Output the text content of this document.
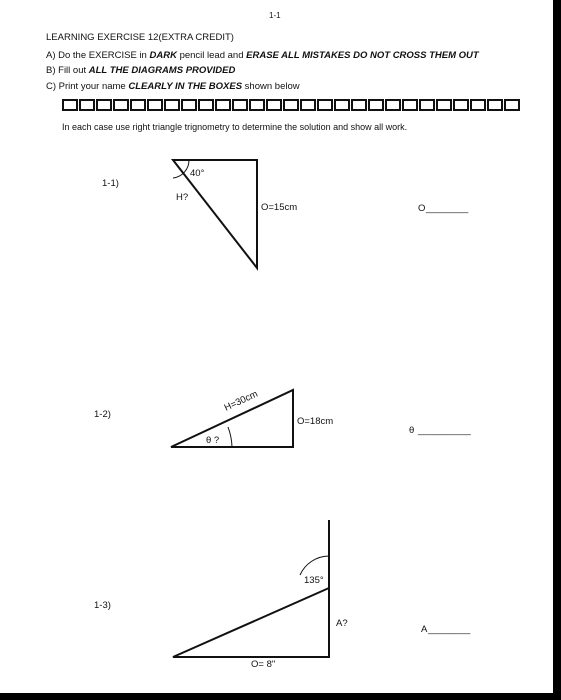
1-1
LEARNING EXERCISE 12(EXTRA CREDIT)
A) Do the EXERCISE in DARK pencil lead and ERASE ALL MISTAKES DO NOT CROSS THEM OUT
B) Fill out ALL THE DIAGRAMS PROVIDED
C) Print your name CLEARLY IN THE BOXES shown below
In each case use right triangle trignometry to determine the solution and show all work.
1-1)
40°
H?
O=15cm	O ________
1-2)
H=30cm
O=18cm
θ ?
θ __________
1-3)
135°
A?
O= 8"
A ________
